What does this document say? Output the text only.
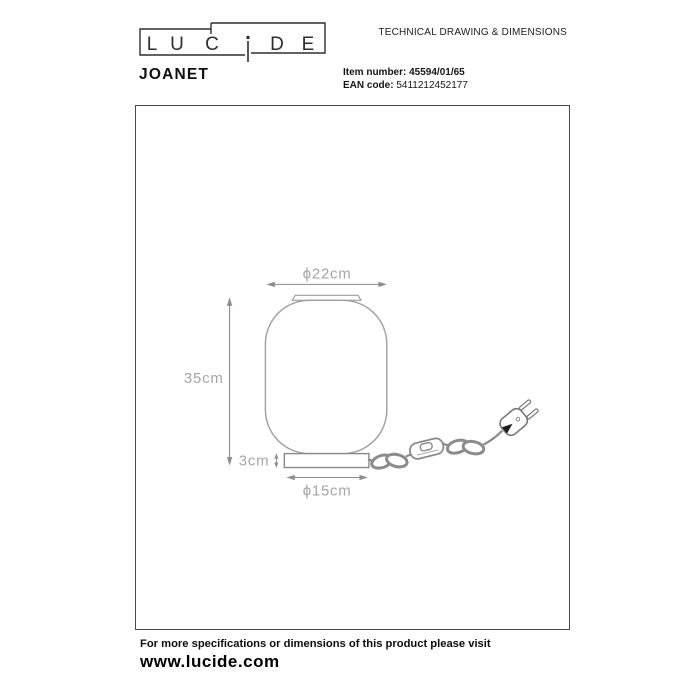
L U C	D E
JOANET
TECHNICAL DRAWING & DIMENSIONS
Item number: 45594/01/65
EAN code: 5411212452177
ϕ22cm
35cm
3cm
ϕ15cm
For more specifications or dimensions of this product please visit
www.lucide.com
